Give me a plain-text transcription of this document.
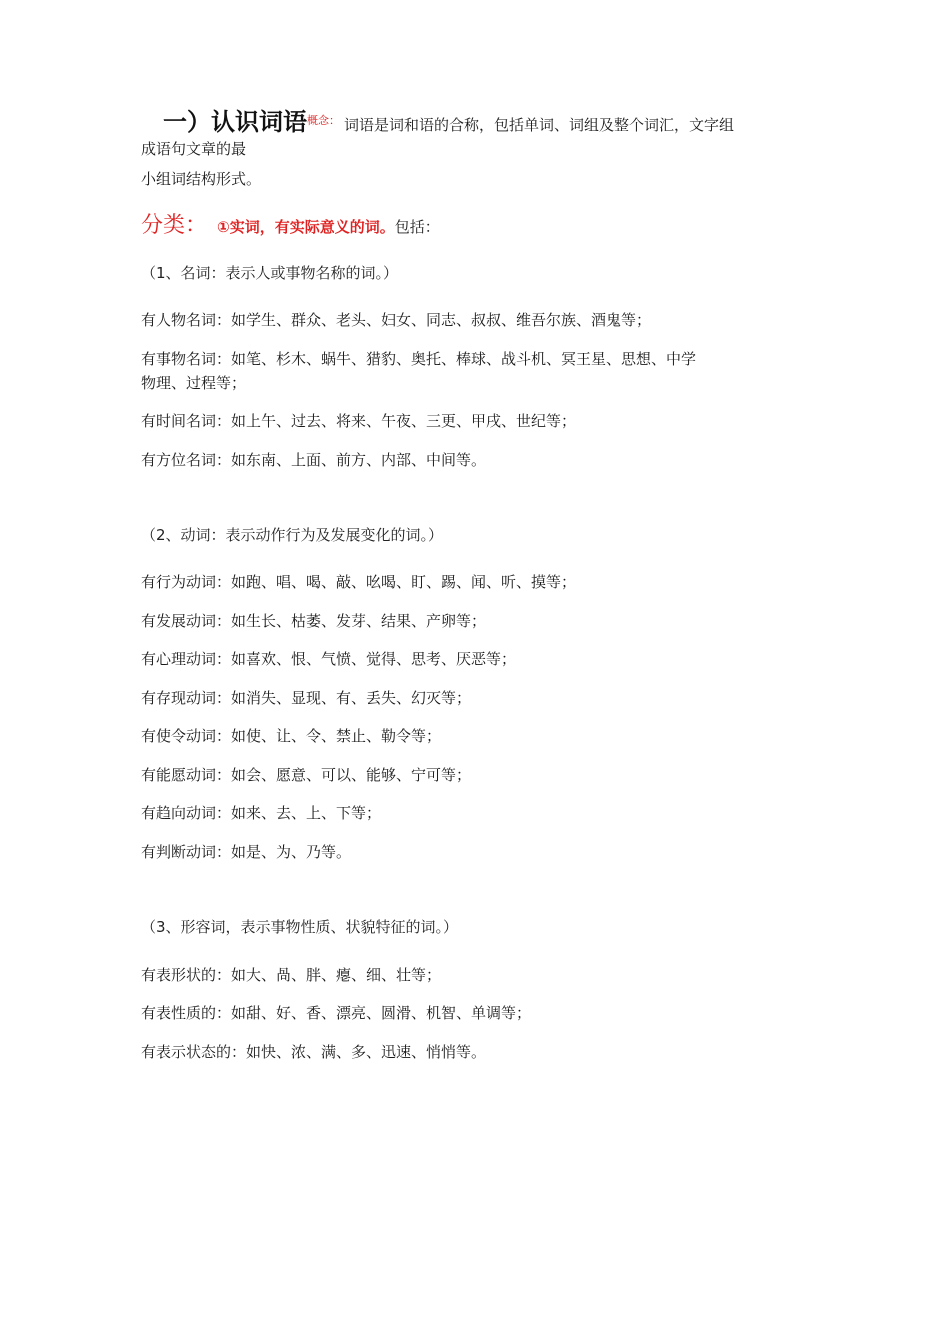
一）认识词语$^{概念:}$ 词语是词和语的合称，包括单词、词组及整个词汇，文字组
成语句文章的最
小组词结构形式。
分类： ①实词，有实际意义的词。包括：
（1、名词：表示人或事物名称的词。）
有人物名词：如学生、群众、老头、妇女、同志、叔叔、维吾尔族、酒鬼等；
有事物名词：如笔、杉木、蜗牛、猎豹、奥托、棒球、战斗机、冥王星、思想、中学
物理、过程等；
有时间名词：如上午、过去、将来、午夜、三更、甲戌、世纪等；
有方位名词：如东南、上面、前方、内部、中间等。
（2、动词：表示动作行为及发展变化的词。）
有行为动词：如跑、唱、喝、敲、吆喝、盯、踢、闻、听、摸等；
有发展动词：如生长、枯萎、发芽、结果、产卵等；
有心理动词：如喜欢、恨、气愤、觉得、思考、厌恶等；
有存现动词：如消失、显现、有、丢失、幻灭等；
有使令动词：如使、让、令、禁止、勒令等；
有能愿动词：如会、愿意、可以、能够、宁可等；
有趋向动词：如来、去、上、下等；
有判断动词：如是、为、乃等。
（3、形容词，表示事物性质、状貌特征的词。）
有表形状的：如大、咼、胖、瘪、细、壮等；
有表性质的：如甜、好、香、漂亮、圆滑、机智、单调等；
有表示状态的：如快、浓、满、多、迅速、悄悄等。
